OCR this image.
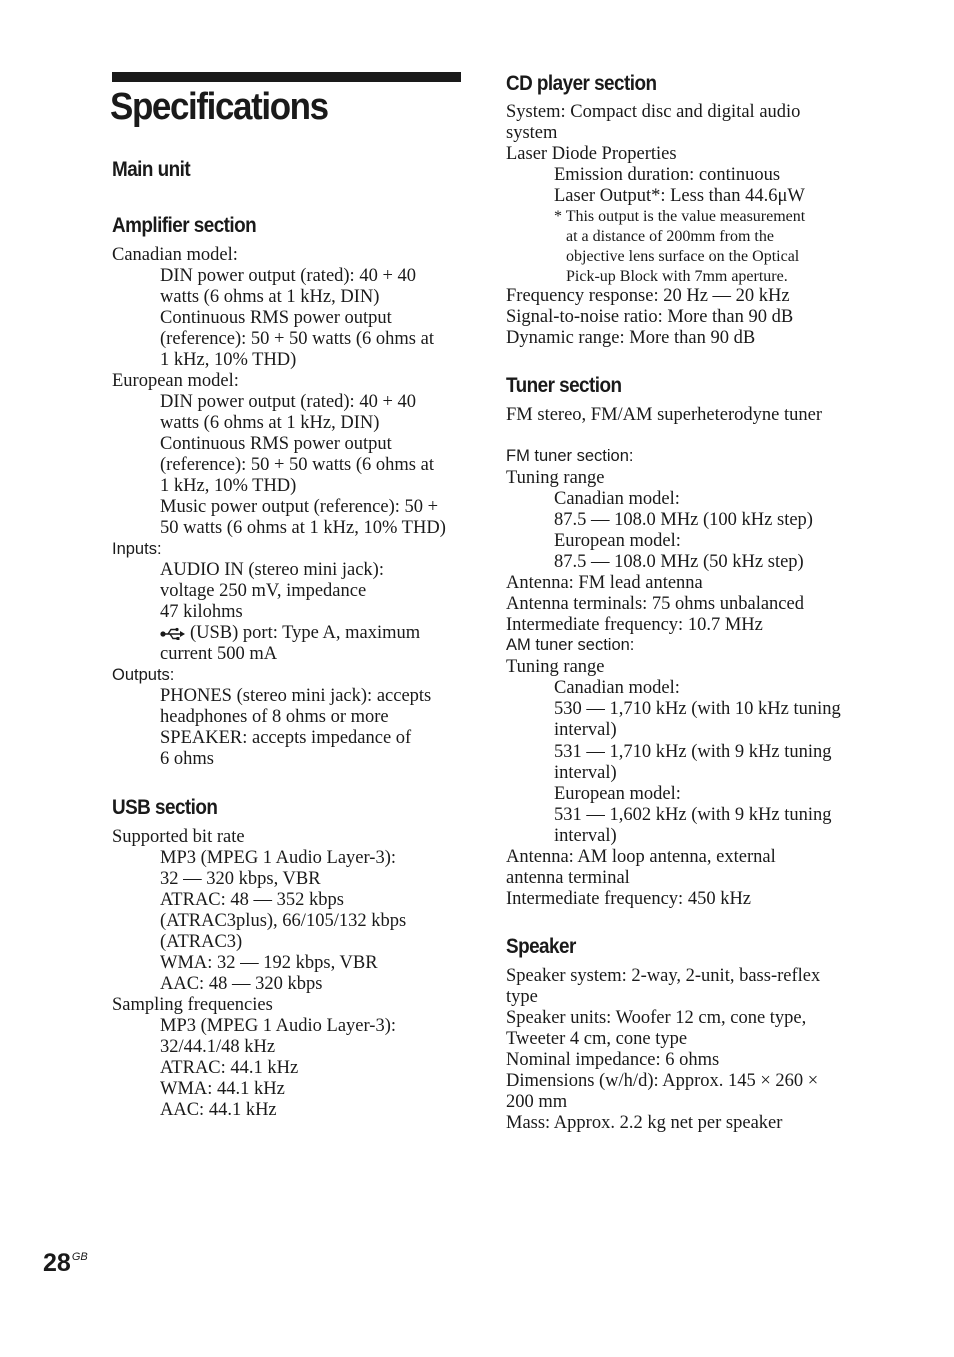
Specifications
Main unit
Amplifier section

Canadian model:

DIN power output (rated): 40 + 40

watts (6 ohms at 1 kHz, DIN)

Continuous RMS power output

(reference): 50 + 50 watts (6 ohms at

1 kHz, 10% THD)

European model:

DIN power output (rated): 40 + 40

watts (6 ohms at 1 kHz, DIN)

Continuous RMS power output

(reference): 50 + 50 watts (6 ohms at

1 kHz, 10% THD)

Music power output (reference): 50 +

50 watts (6 ohms at 1 kHz, 10% THD)

Inputs:

AUDIO IN (stereo mini jack):

voltage 250 mV, impedance

47 kilohms

(USB) port: Type A, maximum

current 500 mA

Outputs:

PHONES (stereo mini jack): accepts

headphones of 8 ohms or more

SPEAKER: accepts impedance of

6 ohms

USB section

Supported bit rate

MP3 (MPEG 1 Audio Layer-3):

32 — 320 kbps, VBR

ATRAC: 48 — 352 kbps

(ATRAC3plus), 66/105/132 kbps

(ATRAC3)

WMA: 32 — 192 kbps, VBR

AAC: 48 — 320 kbps

Sampling frequencies

MP3 (MPEG 1 Audio Layer-3):

32/44.1/48 kHz

ATRAC: 44.1 kHz

WMA: 44.1 kHz

AAC: 44.1 kHz

CD player section

System: Compact disc and digital audio

system

Laser Diode Properties

Emission duration: continuous

Laser Output*: Less than 44.6μW

* This output is the value measurement

at a distance of 200mm from the

objective lens surface on the Optical

Pick-up Block with 7mm aperture.

Frequency response: 20 Hz — 20 kHz

Signal-to-noise ratio: More than 90 dB

Dynamic range: More than 90 dB

Tuner section

FM stereo, FM/AM superheterodyne tuner

FM tuner section:

Tuning range

Canadian model:

87.5 — 108.0 MHz (100 kHz step)

European model:

87.5 — 108.0 MHz (50 kHz step)

Antenna: FM lead antenna

Antenna terminals: 75 ohms unbalanced

Intermediate frequency: 10.7 MHz

AM tuner section:

Tuning range

Canadian model:

530 — 1,710 kHz (with 10 kHz tuning

interval)

531 — 1,710 kHz (with 9 kHz tuning

interval)

European model:

531 — 1,602 kHz (with 9 kHz tuning

interval)

Antenna: AM loop antenna, external

antenna terminal

Intermediate frequency: 450 kHz

Speaker

Speaker system: 2-way, 2-unit, bass-reflex

type

Speaker units: Woofer 12 cm, cone type,

Tweeter 4 cm, cone type

Nominal impedance: 6 ohms

Dimensions (w/h/d): Approx. 145 × 260 ×

200 mm

Mass: Approx. 2.2 kg net per speaker

$28^{GB}$
